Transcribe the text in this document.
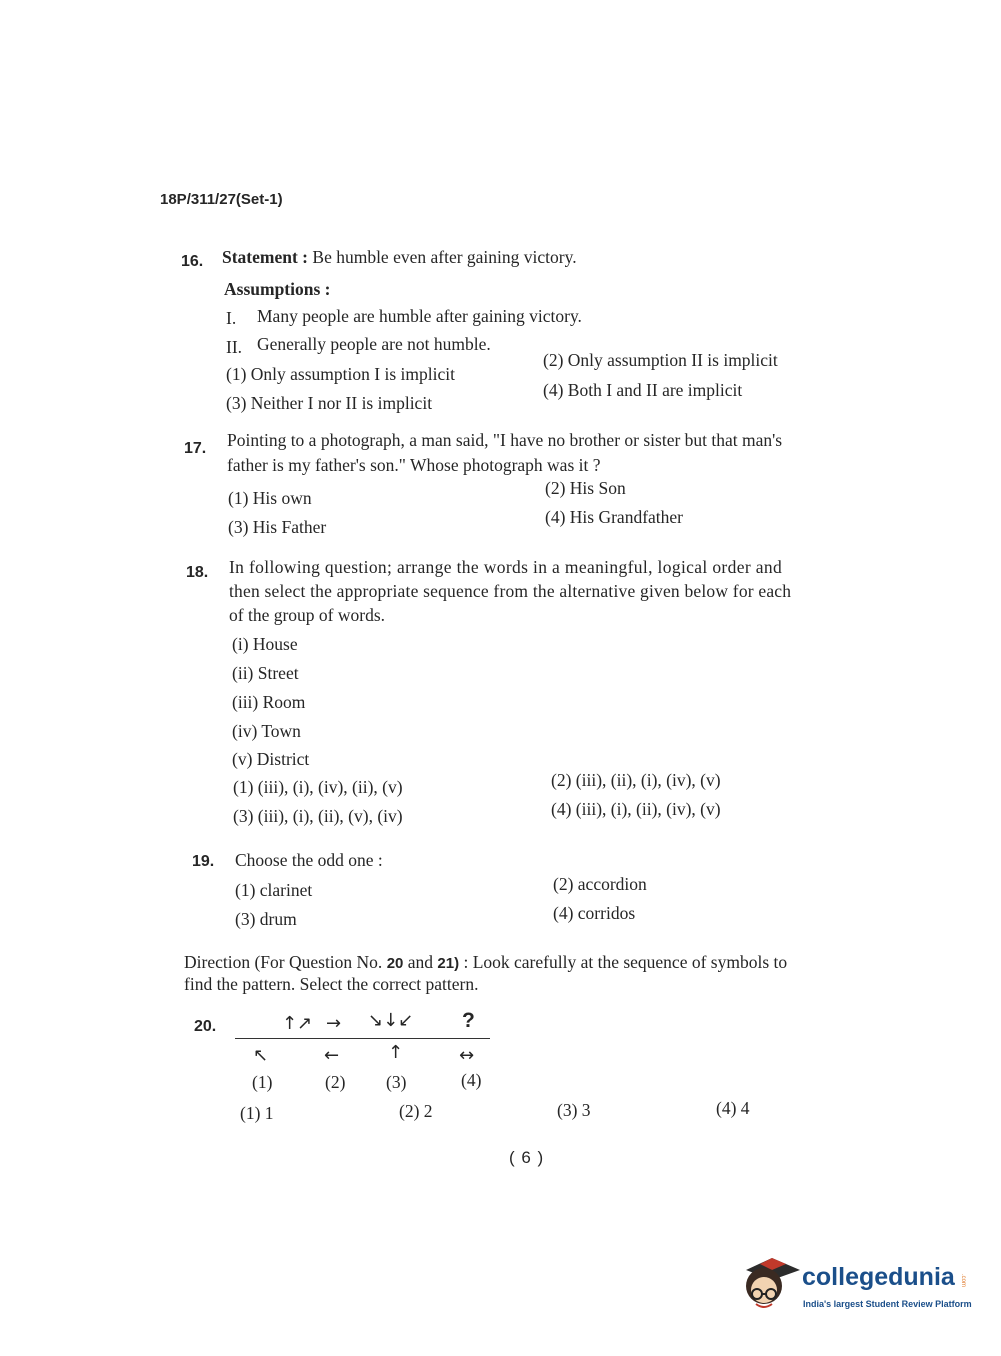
18P/311/27(Set-1)
16. Statement : Be humble even after gaining victory.
Assumptions :
I. Many people are humble after gaining victory.
II. Generally people are not humble.
(1) Only assumption I is implicit
(2) Only assumption II is implicit
(3) Neither I nor II is implicit
(4) Both I and II are implicit
17. Pointing to a photograph, a man said, "I have no brother or sister but that man's
father is my father's son." Whose photograph was it ?
(1) His own	(2) His Son
(3) His Father	(4) His Grandfather
18. In following question; arrange the words in a meaningful, logical order and
then select the appropriate sequence from the alternative given below for each
of the group of words.
(i) House
(ii) Street
(iii) Room
(iv) Town
(v) District
(1) (iii), (i), (iv), (ii), (v)	(2) (iii), (ii), (i), (iv), (v)
(3) (iii), (i), (ii), (v), (iv)	(4) (iii), (i), (ii), (iv), (v)
19. Choose the odd one :
(1) clarinet	(2) accordion
(3) drum	(4) corridos
Direction (For Question No. 20 and 21) : Look carefully at the sequence of symbols to
find the pattern. Select the correct pattern.
20.	↑↗ → ↘↓↙ ?
↖	←	↑	↔
(1)	(2) (3)	(4)
(1) 1	(2) 2	(3) 3	(4) 4
( 6 )
collegedunia .com
India's largest Student Review Platform
